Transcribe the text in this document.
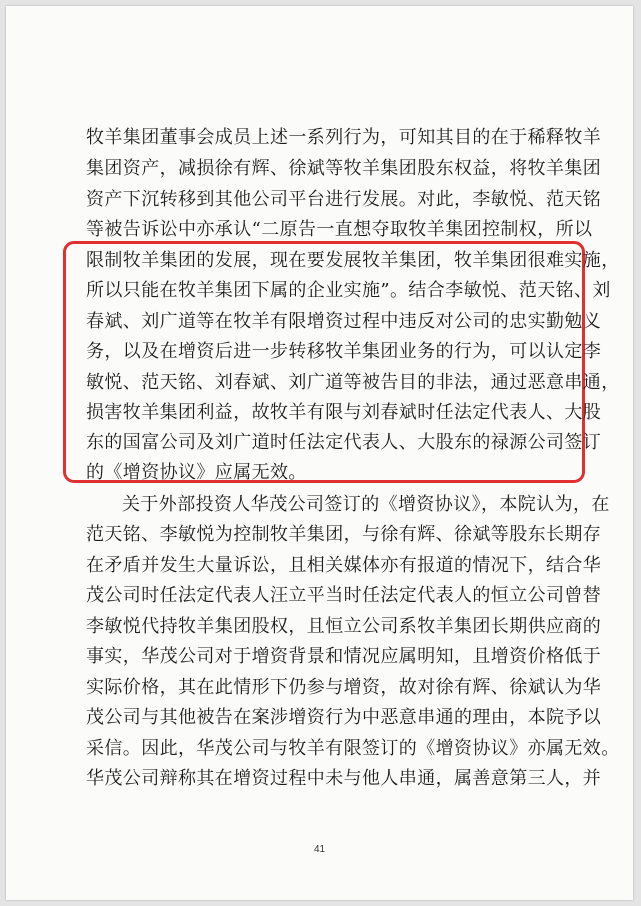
牧羊集团董事会成员上述一系列行为，可知其目的在于稀释牧羊
集团资产，减损徐有辉、徐斌等牧羊集团股东权益，将牧羊集团
资产下沉转移到其他公司平台进行发展。对此，李敏悦、范天铭
等被告诉讼中亦承认“二原告一直想夺取牧羊集团控制权，所以
限制牧羊集团的发展，现在要发展牧羊集团，牧羊集团很难实施，
所以只能在牧羊集团下属的企业实施”。结合李敏悦、范天铭、刘
春斌、刘广道等在牧羊有限增资过程中违反对公司的忠实勤勉义
务，以及在增资后进一步转移牧羊集团业务的行为，可以认定李
敏悦、范天铭、刘春斌、刘广道等被告目的非法，通过恶意串通，
损害牧羊集团利益，故牧羊有限与刘春斌时任法定代表人、大股
东的国富公司及刘广道时任法定代表人、大股东的禄源公司签订
的《增资协议》应属无效。
关于外部投资人华茂公司签订的《增资协议》，本院认为，在
范天铭、李敏悦为控制牧羊集团，与徐有辉、徐斌等股东长期存
在矛盾并发生大量诉讼，且相关媒体亦有报道的情况下，结合华
茂公司时任法定代表人汪立平当时任法定代表人的恒立公司曾替
李敏悦代持牧羊集团股权，且恒立公司系牧羊集团长期供应商的
事实，华茂公司对于增资背景和情况应属明知，且增资价格低于
实际价格，其在此情形下仍参与增资，故对徐有辉、徐斌认为华
茂公司与其他被告在案涉增资行为中恶意串通的理由，本院予以
采信。因此，华茂公司与牧羊有限签订的《增资协议》亦属无效。
华茂公司辩称其在增资过程中未与他人串通，属善意第三人，并
41
